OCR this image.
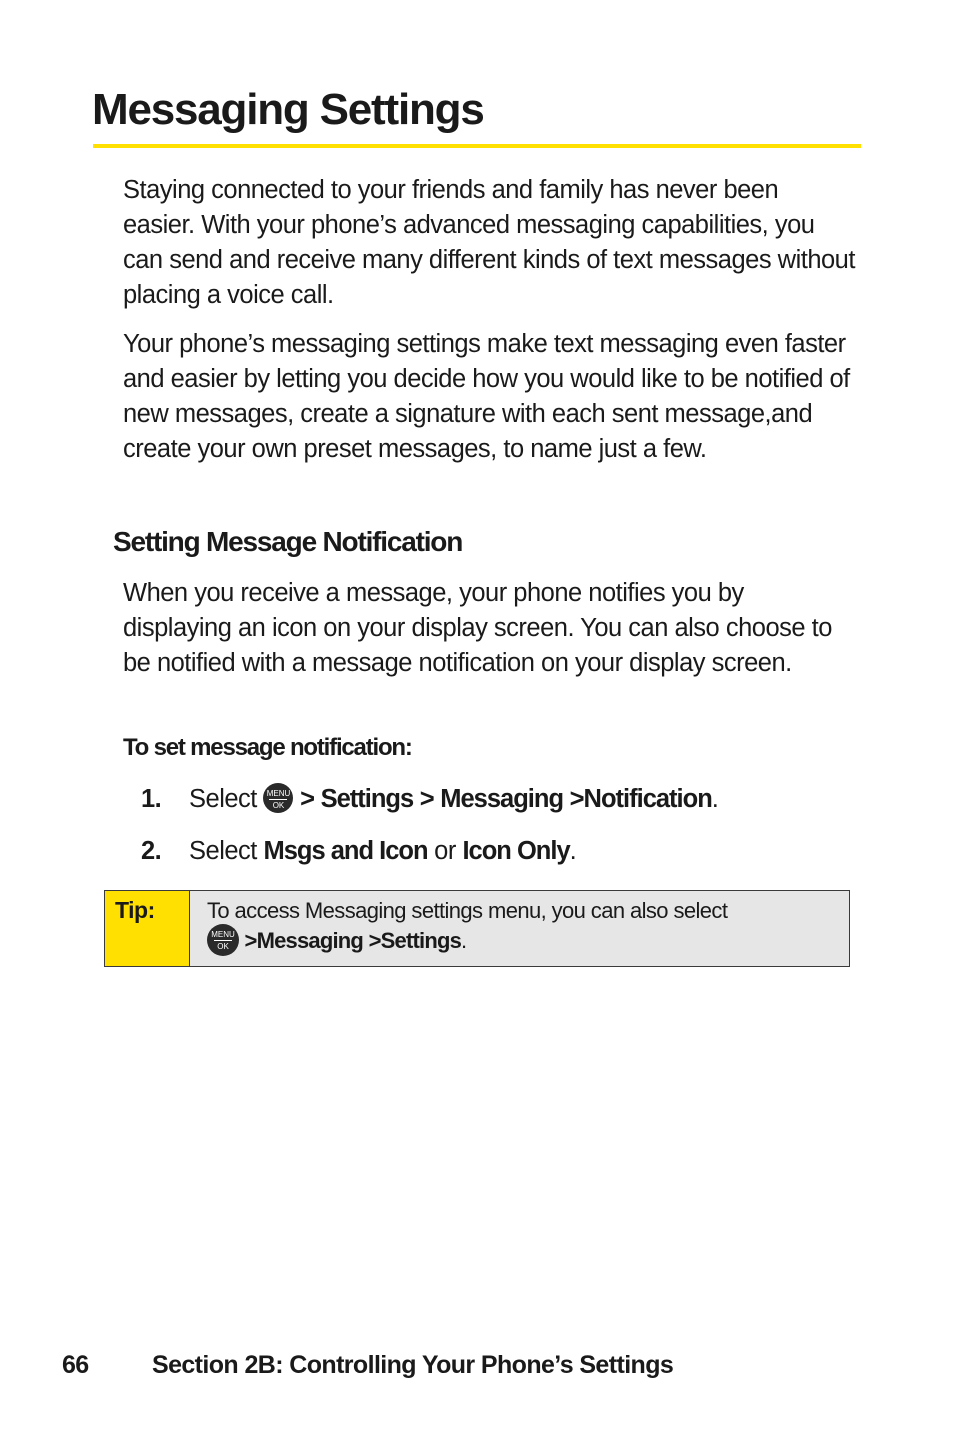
Messaging Settings

Staying connected to your friends and family has never been easier. With your phone’s advanced messaging capabilities, you can send and receive many different kinds of text messages without placing a voice call.

Your phone’s messaging settings make text messaging even faster and easier by letting you decide how you would like to be notified of new messages, create a signature with each sent message,and create your own preset messages, to name just a few.

Setting Message Notification

When you receive a message, your phone notifies you by displaying an icon on your display screen. You can also choose to be notified with a message notification on your display screen.

To set message notification:

1. Select	MENU
OK > Settings > Messaging >Notification.
2. Select Msgs and Icon or Icon Only.
Tip:	To access Messaging settings menu, you can also select
MENU
OK >Messaging >Settings.
66	Section 2B: Controlling Your Phone’s Settings
